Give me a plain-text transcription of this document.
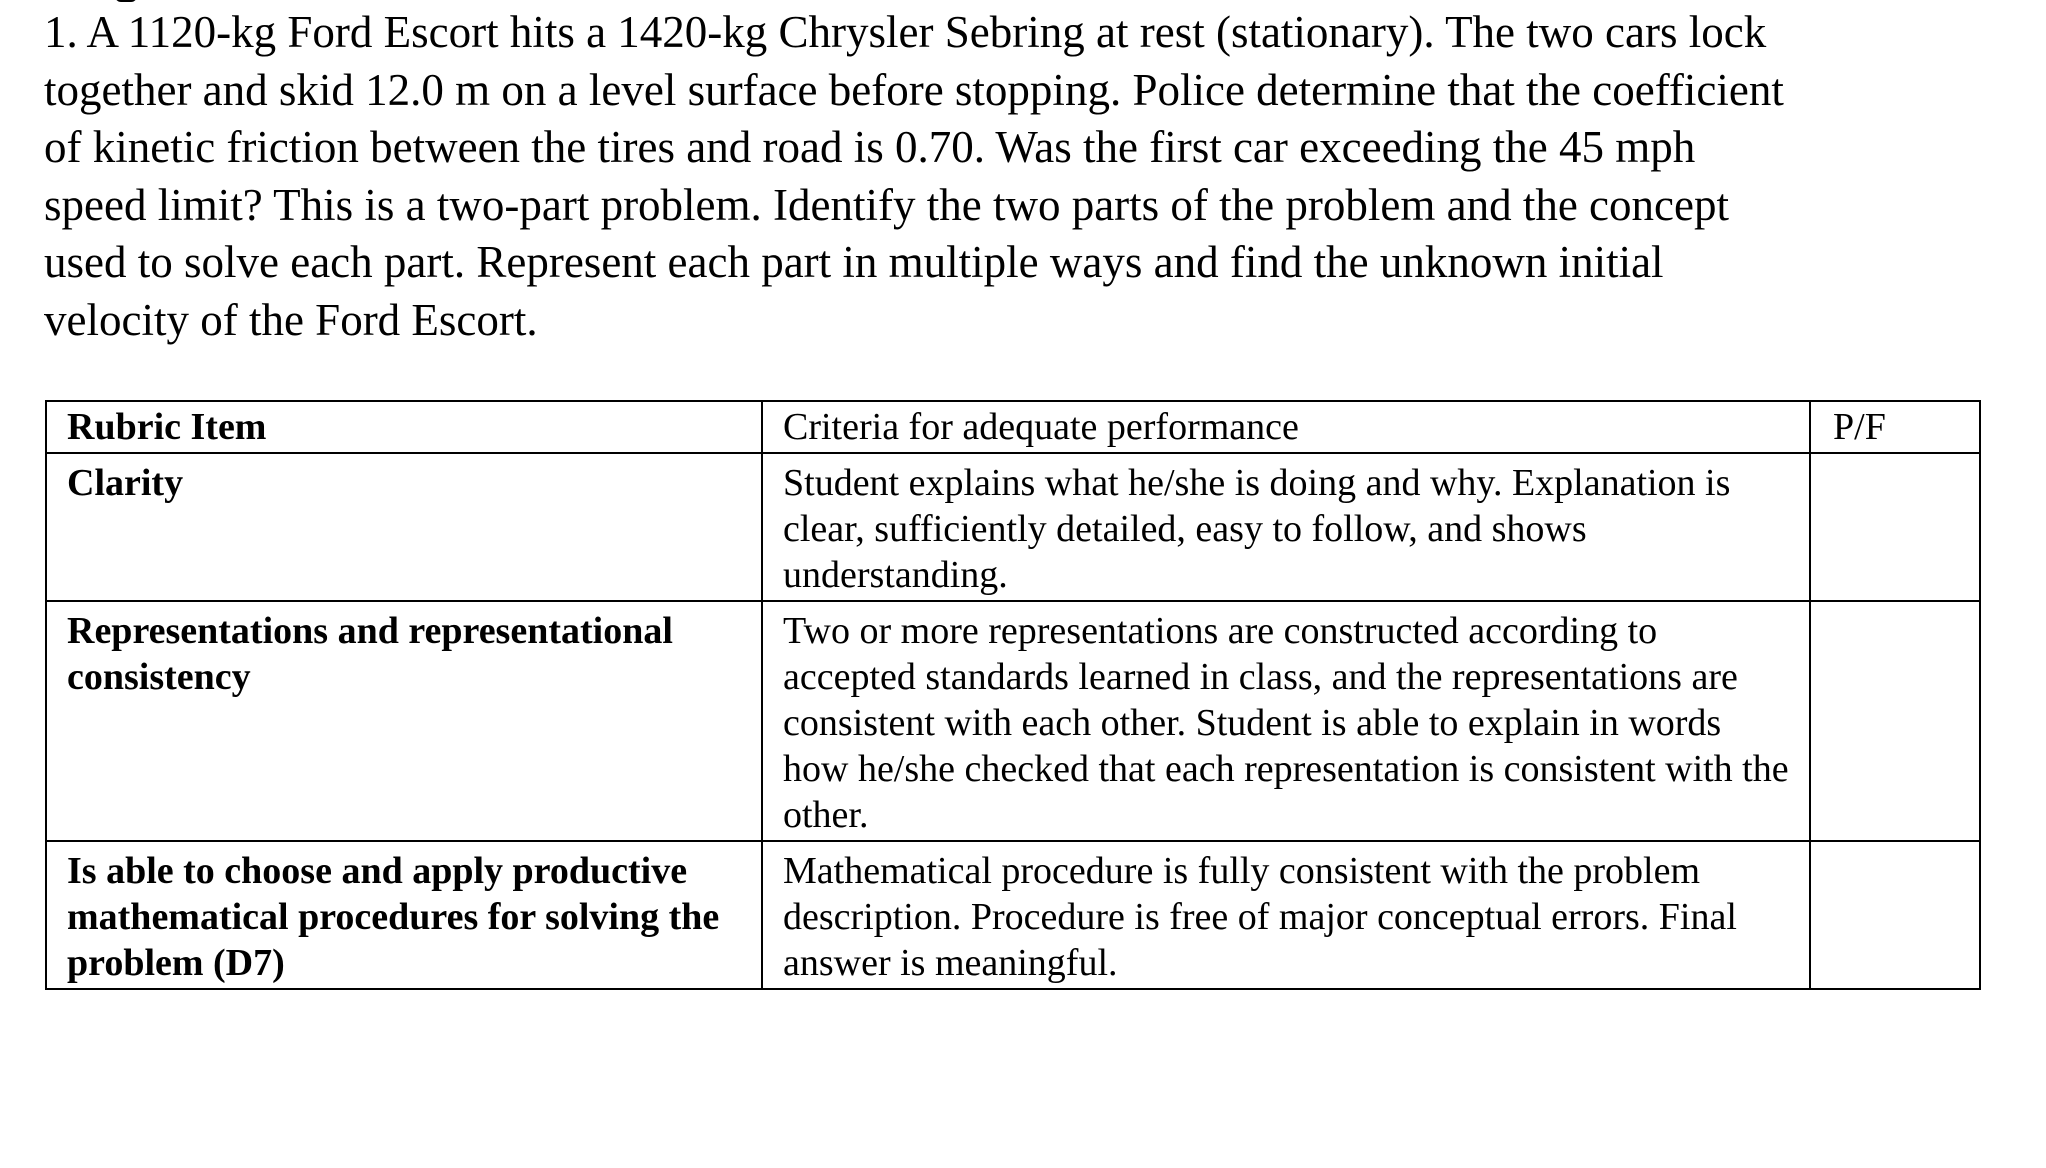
1. A 1120-kg Ford Escort hits a 1420-kg Chrysler Sebring at rest (stationary). The two cars lock
together and skid 12.0 m on a level surface before stopping. Police determine that the coefficient
of kinetic friction between the tires and road is 0.70. Was the first car exceeding the 45 mph
speed limit? This is a two-part problem. Identify the two parts of the problem and the concept
used to solve each part. Represent each part in multiple ways and find the unknown initial
velocity of the Ford Escort.

Rubric Item	Criteria for adequate performance	P/F
Clarity	Student explains what he/she is doing and why. Explanation is clear, sufficiently detailed, easy to follow, and shows understanding.	
Representations and representational consistency	Two or more representations are constructed according to accepted standards learned in class, and the representations are consistent with each other. Student is able to explain in words how he/she checked that each representation is consistent with the other.	
Is able to choose and apply productive mathematical procedures for solving the problem (D7)	Mathematical procedure is fully consistent with the problem description. Procedure is free of major conceptual errors. Final answer is meaningful.	
